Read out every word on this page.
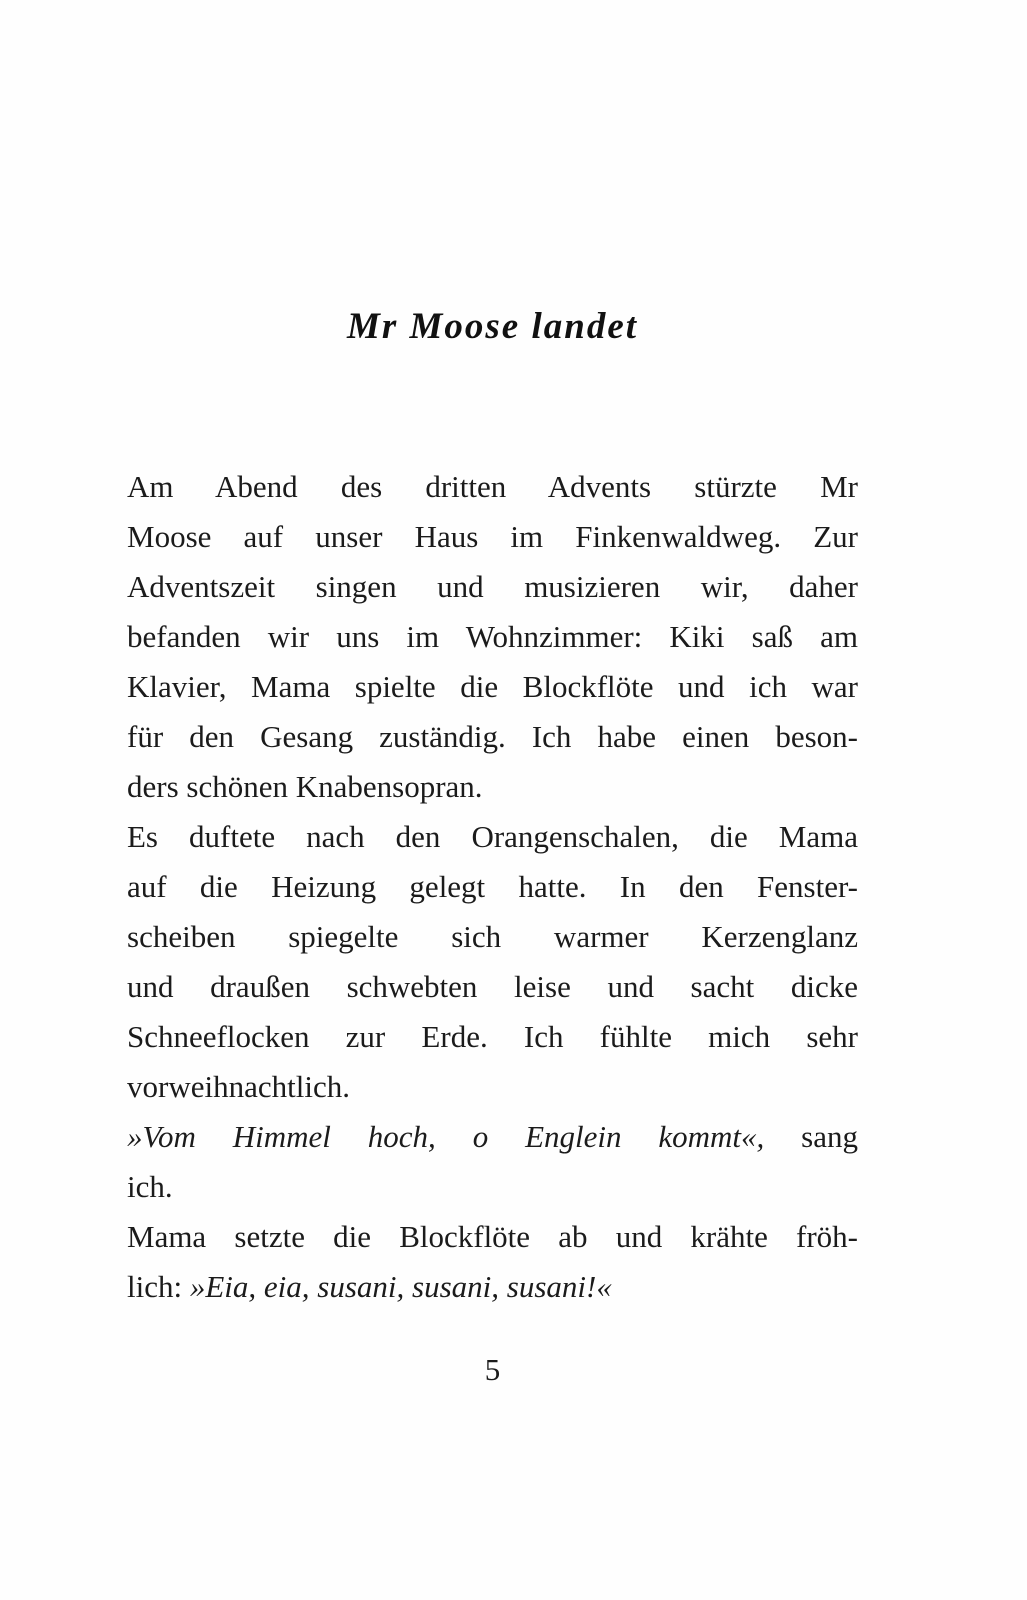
Mr Moose landet
Am Abend des dritten Advents stürzte Mr
Moose auf unser Haus im Finkenwaldweg. Zur
Adventszeit singen und musizieren wir, daher
befanden wir uns im Wohnzimmer: Kiki saß am
Klavier, Mama spielte die Blockflöte und ich war
für den Gesang zuständig. Ich habe einen beson-
ders schönen Knabensopran.
Es duftete nach den Orangenschalen, die Mama
auf die Heizung gelegt hatte. In den Fenster-
scheiben spiegelte sich warmer Kerzenglanz
und draußen schwebten leise und sacht dicke
Schneeflocken zur Erde. Ich fühlte mich sehr
vorweihnachtlich.
»Vom Himmel hoch, o Englein kommt«, sang
ich.
Mama setzte die Blockflöte ab und krähte fröh-
lich: »Eia, eia, susani, susani, susani!«
5
